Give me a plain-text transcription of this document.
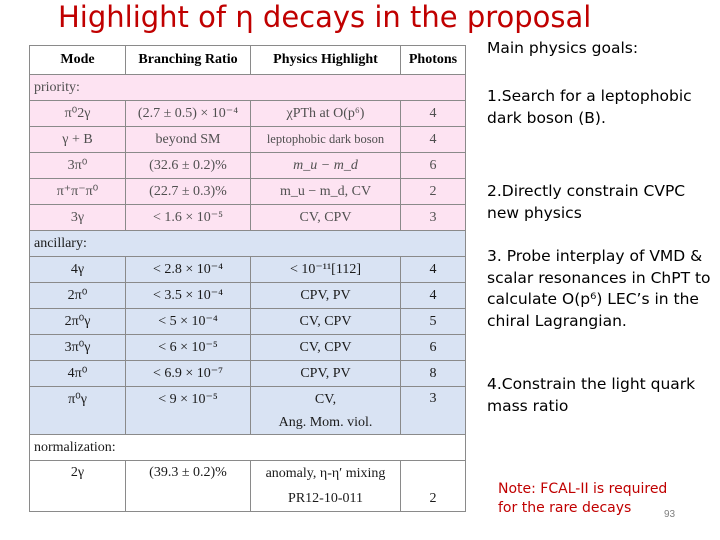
Highlight of η decays in the proposal
Mode	Branching Ratio	Physics Highlight	Photons
priority:			
π⁰2γ	(2.7 ± 0.5) × 10⁻⁴	χPTh at O(p⁶)	4
γ + B	beyond SM	leptophobic dark boson	4
3π⁰	(32.6 ± 0.2)%	m_u − m_d	6
π⁺π⁻π⁰	(22.7 ± 0.3)%	m_u − m_d, CV	2
3γ	< 1.6 × 10⁻⁵	CV, CPV	3
ancillary:			
4γ	< 2.8 × 10⁻⁴	< 10⁻¹¹[112]	4
2π⁰	< 3.5 × 10⁻⁴	CPV, PV	4
2π⁰γ	< 5 × 10⁻⁴	CV, CPV	5
3π⁰γ	< 6 × 10⁻⁵	CV, CPV	6
4π⁰	< 6.9 × 10⁻⁷	CPV, PV	8
π⁰γ	< 9 × 10⁻⁵	CV,	3
		Ang. Mom. viol.	
normalization:			
2γ	(39.3 ± 0.2)%	anomaly, η-η′ mixing	
		PR12-10-011	2

Main physics goals:

1.Search for a leptophobic dark boson (B).

2.Directly constrain CVPC new physics

3. Probe interplay of VMD & scalar resonances in ChPT to calculate O(p⁶) LEC’s in the chiral Lagrangian.

4.Constrain the light quark mass ratio

Note: FCAL-II is required
for the rare decays	93
